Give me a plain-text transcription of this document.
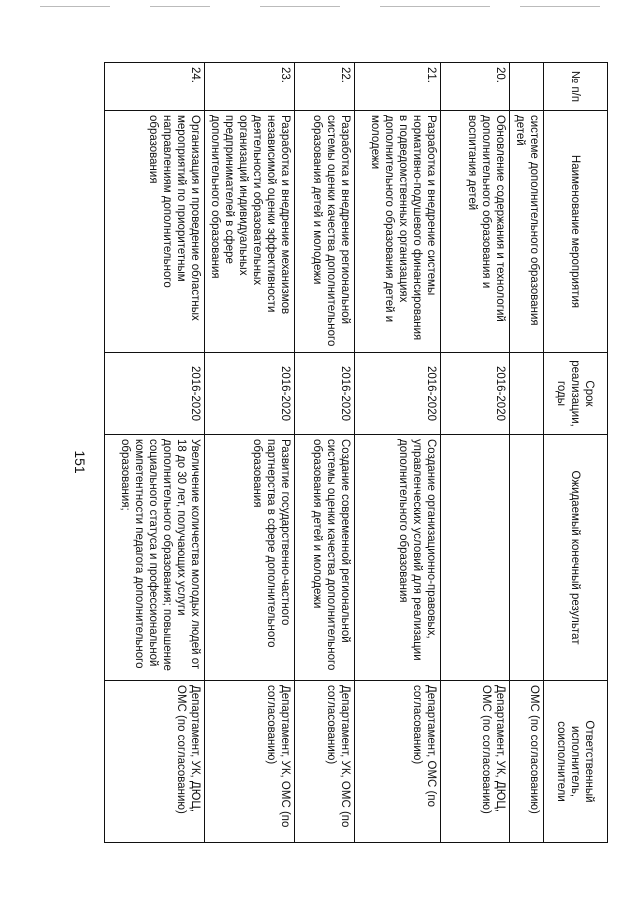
151
№ п/п	Наименование мероприятия	Срок реализации, годы	Ожидаемый конечный результат	Ответственный исполнитель, соисполнители
	системе дополнительного образования детей			ОМС (по согласованию)
20.	Обновление содержания и технологий дополнительного образования и воспитания детей	2016-2020		Департамент, УК, ДЮЦ, ОМС (по согласованию)
21.	Разработка и внедрение системы нормативно-подушевого финансирования в подведомственных организациях дополнительного образования детей и молодежи	2016-2020	Создание организационно-правовых, управленческих условий для реализации дополнительного образования	Департамент, ОМС (по согласованию)
22.	Разработка и внедрение региональной системы оценки качества дополнительного образования детей и молодежи	2016-2020	Создание современной региональной системы оценки качества дополнительного образования детей и молодежи	Департамент, УК, ОМС (по согласованию)
23.	Разработка и внедрение механизмов независимой оценки эффективности деятельности образовательных организаций индивидуальных предпринимателей в сфере дополнительного образования	2016-2020	Развитие государственно-частного партнерства в сфере дополнительного образования	Департамент, УК, ОМС (по согласованию)
24.	Организация и проведение областных мероприятий по приоритетным направлениям дополнительного образования	2016-2020	Увеличение количества молодых людей от 18 до 30 лет, получающих услуги дополнительного образования; повышение социального статуса и профессиональной компетентности педагога дополнительного образования;	Департамент, УК, ДЮЦ, ОМС (по согласованию)
